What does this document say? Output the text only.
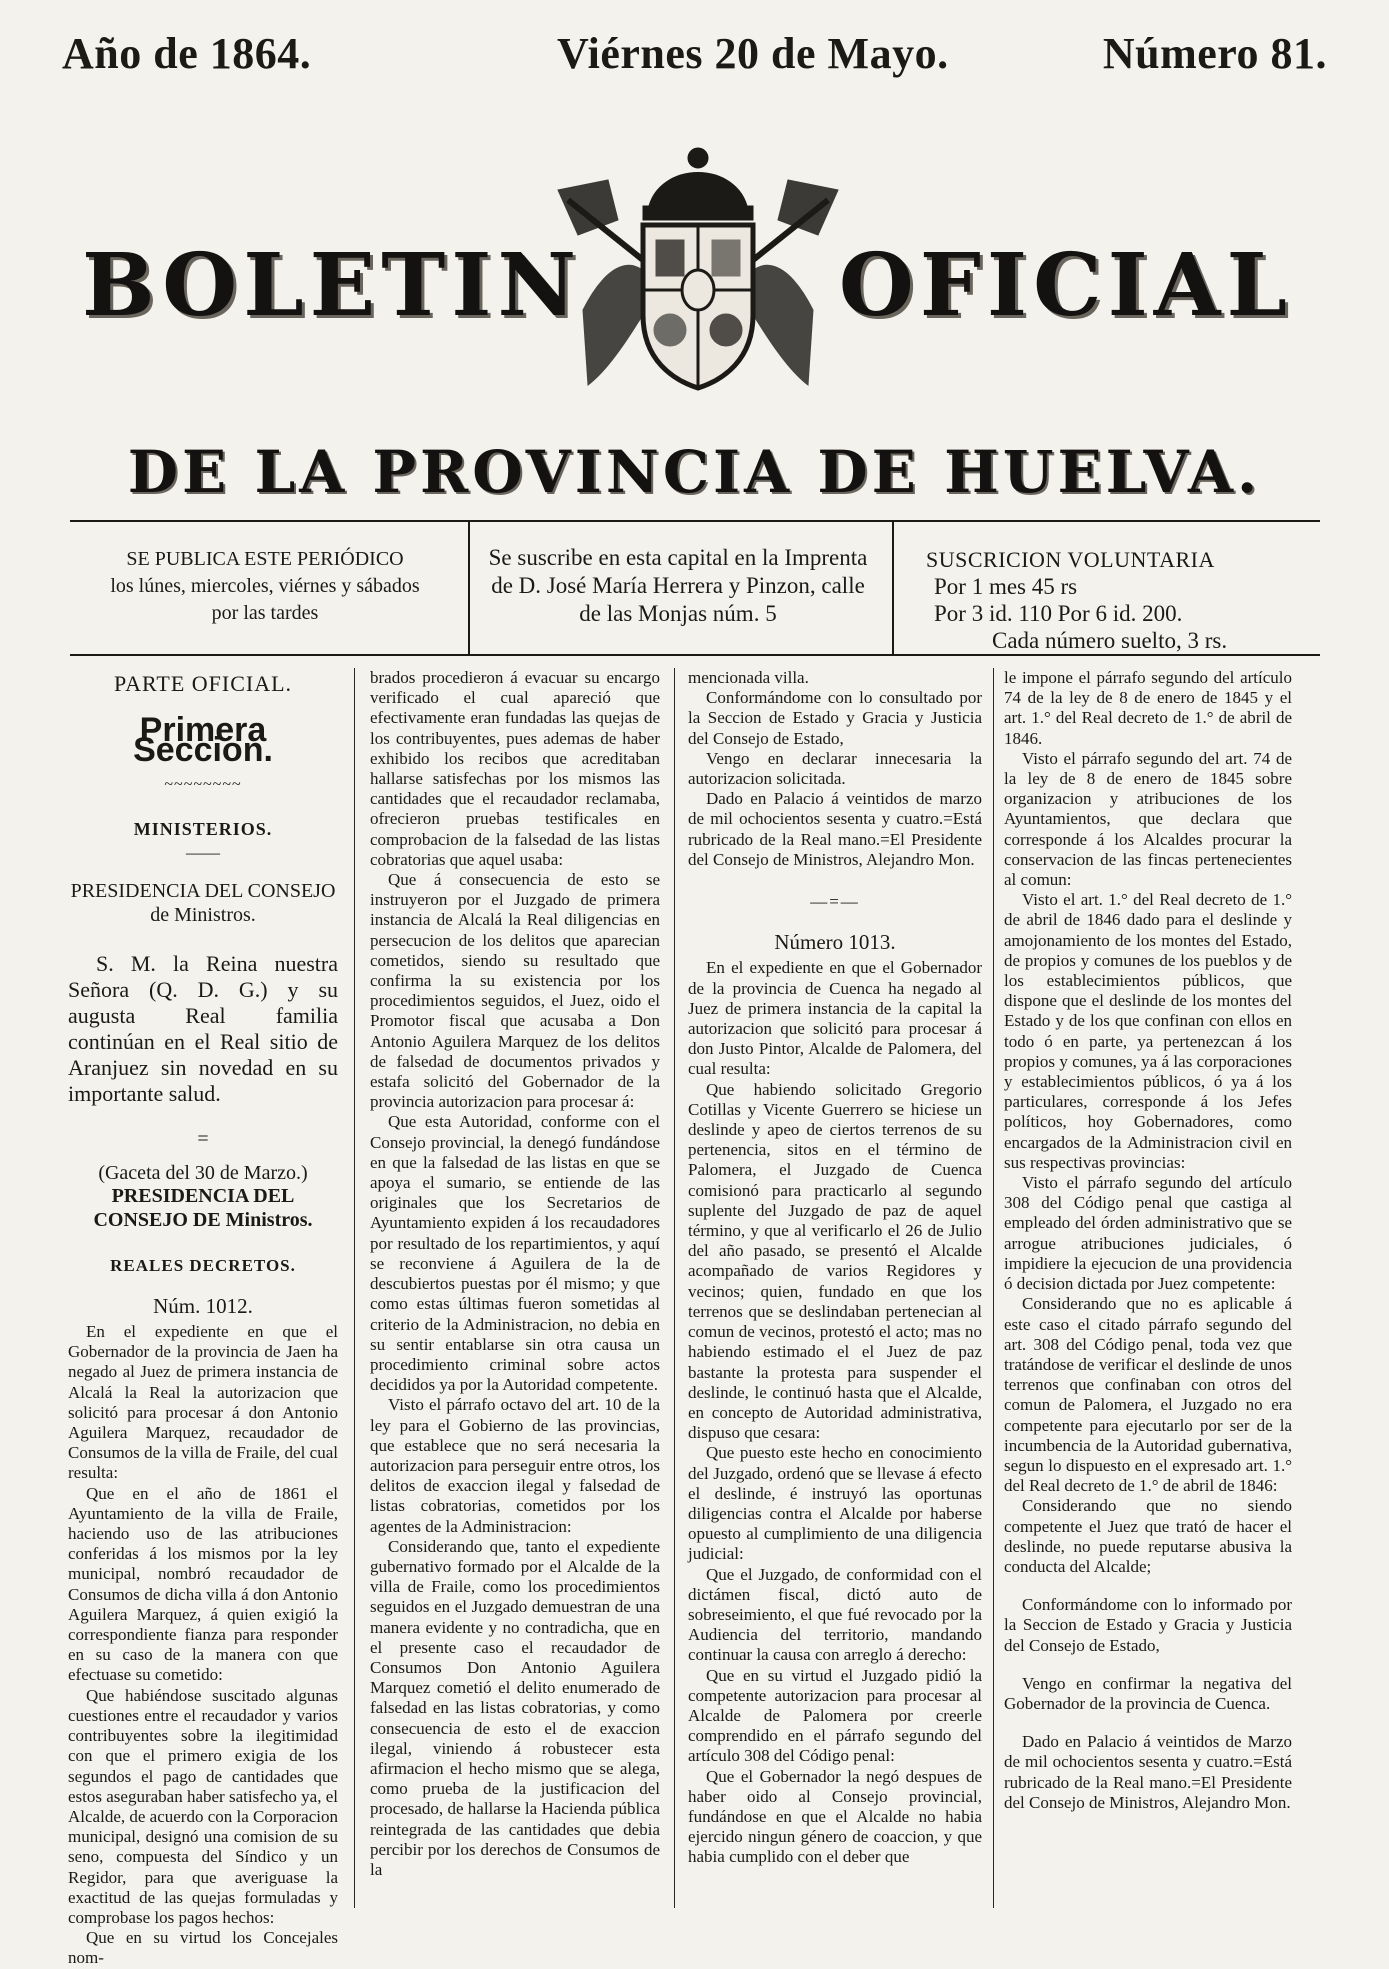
Año de 1864.	Viérnes 20 de Mayo.	Número 81.
BOLETIN	OFICIAL
DE LA PROVINCIA DE HUELVA.
SE PUBLICA ESTE PERIÓDICO
los lúnes, miercoles, viérnes y sábados
por las tardes
Se suscribe en esta capital en la Imprenta
de D. José María Herrera y Pinzon, calle
de las Monjas núm. 5
SUSCRICION VOLUNTARIA
Por 1 mes 45 rs
Por 3 id. 110 Por 6 id. 200.
Cada número suelto, 3 rs.
PARTE OFICIAL.
Primera Seccion.
~~~~~~~~
MINISTERIOS.
——
PRESIDENCIA DEL CONSEJO de Ministros.

S. M. la Reina nuestra Señora (Q. D. G.) y su augusta Real familia continúan en el Real sitio de Aranjuez sin novedad en su importante salud.

=

(Gaceta del 30 de Marzo.)

PRESIDENCIA DEL CONSEJO DE Ministros.
REALES DECRETOS.
Núm. 1012.

En el expediente en que el Gobernador de la provincia de Jaen ha negado al Juez de primera instancia de Alcalá la Real la autorizacion que solicitó para procesar á don Antonio Aguilera Marquez, recaudador de Consumos de la villa de Fraile, del cual resulta:

Que en el año de 1861 el Ayuntamiento de la villa de Fraile, haciendo uso de las atribuciones conferidas á los mismos por la ley municipal, nombró recaudador de Consumos de dicha villa á don Antonio Aguilera Marquez, á quien exigió la correspondiente fianza para responder en su caso de la manera con que efectuase su cometido:

Que habiéndose suscitado algunas cuestiones entre el recaudador y varios contribuyentes sobre la ilegitimidad con que el primero exigia de los segundos el pago de cantidades que estos aseguraban haber satisfecho ya, el Alcalde, de acuerdo con la Corporacion municipal, designó una comision de su seno, compuesta del Síndico y un Regidor, para que averiguase la exactitud de las quejas formuladas y comprobase los pagos hechos:

Que en su virtud los Concejales nom-

brados procedieron á evacuar su encargo verificado el cual apareció que efectivamente eran fundadas las quejas de los contribuyentes, pues ademas de haber exhibido los recibos que acreditaban hallarse satisfechas por los mismos las cantidades que el recaudador reclamaba, ofrecieron pruebas testificales en comprobacion de la falsedad de las listas cobratorias que aquel usaba:

Que á consecuencia de esto se instruyeron por el Juzgado de primera instancia de Alcalá la Real diligencias en persecucion de los delitos que aparecian cometidos, siendo su resultado que confirma la su existencia por los procedimientos seguidos, el Juez, oido el Promotor fiscal que acusaba a Don Antonio Aguilera Marquez de los delitos de falsedad de documentos privados y estafa solicitó del Gobernador de la provincia autorizacion para procesar á:

Que esta Autoridad, conforme con el Consejo provincial, la denegó fundándose en que la falsedad de las listas en que se apoya el sumario, se entiende de las originales que los Secretarios de Ayuntamiento expiden á los recaudadores por resultado de los repartimientos, y aquí se reconviene á Aguilera de la de descubiertos puestas por él mismo; y que como estas últimas fueron sometidas al criterio de la Administracion, no debia en su sentir entablarse sin otra causa un procedimiento criminal sobre actos decididos ya por la Autoridad competente.

Visto el párrafo octavo del art. 10 de la ley para el Gobierno de las provincias, que establece que no será necesaria la autorizacion para perseguir entre otros, los delitos de exaccion ilegal y falsedad de listas cobratorias, cometidos por los agentes de la Administracion:

Considerando que, tanto el expediente gubernativo formado por el Alcalde de la villa de Fraile, como los procedimientos seguidos en el Juzgado demuestran de una manera evidente y no contradicha, que en el presente caso el recaudador de Consumos Don Antonio Aguilera Marquez cometió el delito enumerado de falsedad en las listas cobratorias, y como consecuencia de esto el de exaccion ilegal, viniendo á robustecer esta afirmacion el hecho mismo que se alega, como prueba de la justificacion del procesado, de hallarse la Hacienda pública reintegrada de las cantidades que debia percibir por los derechos de Consumos de la

mencionada villa.

Conformándome con lo consultado por la Seccion de Estado y Gracia y Justicia del Consejo de Estado,

Vengo en declarar innecesaria la autorizacion solicitada.

Dado en Palacio á veintidos de marzo de mil ochocientos sesenta y cuatro.=Está rubricado de la Real mano.=El Presidente del Consejo de Ministros, Alejandro Mon.

—=—
Número 1013.

En el expediente en que el Gobernador de la provincia de Cuenca ha negado al Juez de primera instancia de la capital la autorizacion que solicitó para procesar á don Justo Pintor, Alcalde de Palomera, del cual resulta:

Que habiendo solicitado Gregorio Cotillas y Vicente Guerrero se hiciese un deslinde y apeo de ciertos terrenos de su pertenencia, sitos en el término de Palomera, el Juzgado de Cuenca comisionó para practicarlo al segundo suplente del Juzgado de paz de aquel término, y que al verificarlo el 26 de Julio del año pasado, se presentó el Alcalde acompañado de varios Regidores y vecinos; quien, fundado en que los terrenos que se deslindaban pertenecian al comun de vecinos, protestó el acto; mas no habiendo estimado el el Juez de paz bastante la protesta para suspender el deslinde, le continuó hasta que el Alcalde, en concepto de Autoridad administrativa, dispuso que cesara:

Que puesto este hecho en conocimiento del Juzgado, ordenó que se llevase á efecto el deslinde, é instruyó las oportunas diligencias contra el Alcalde por haberse opuesto al cumplimiento de una diligencia judicial:

Que el Juzgado, de conformidad con el dictámen fiscal, dictó auto de sobreseimiento, el que fué revocado por la Audiencia del territorio, mandando continuar la causa con arreglo á derecho:

Que en su virtud el Juzgado pidió la competente autorizacion para procesar al Alcalde de Palomera por creerle comprendido en el párrafo segundo del artículo 308 del Código penal:

Que el Gobernador la negó despues de haber oido al Consejo provincial, fundándose en que el Alcalde no habia ejercido ningun género de coaccion, y que habia cumplido con el deber que

le impone el párrafo segundo del artículo 74 de la ley de 8 de enero de 1845 y el art. 1.° del Real decreto de 1.° de abril de 1846.

Visto el párrafo segundo del art. 74 de la ley de 8 de enero de 1845 sobre organizacion y atribuciones de los Ayuntamientos, que declara que corresponde á los Alcaldes procurar la conservacion de las fincas pertenecientes al comun:

Visto el art. 1.° del Real decreto de 1.° de abril de 1846 dado para el deslinde y amojonamiento de los montes del Estado, de propios y comunes de los pueblos y de los establecimientos públicos, que dispone que el deslinde de los montes del Estado y de los que confinan con ellos en todo ó en parte, ya pertenezcan á los propios y comunes, ya á las corporaciones y establecimientos públicos, ó ya á los particulares, corresponde á los Jefes políticos, hoy Gobernadores, como encargados de la Administracion civil en sus respectivas provincias:

Visto el párrafo segundo del artículo 308 del Código penal que castiga al empleado del órden administrativo que se arrogue atribuciones judiciales, ó impidiere la ejecucion de una providencia ó decision dictada por Juez competente:

Considerando que no es aplicable á este caso el citado párrafo segundo del art. 308 del Código penal, toda vez que tratándose de verificar el deslinde de unos terrenos que confinaban con otros del comun de Palomera, el Juzgado no era competente para ejecutarlo por ser de la incumbencia de la Autoridad gubernativa, segun lo dispuesto en el expresado art. 1.° del Real decreto de 1.° de abril de 1846:

Considerando que no siendo competente el Juez que trató de hacer el deslinde, no puede reputarse abusiva la conducta del Alcalde;

Conformándome con lo informado por la Seccion de Estado y Gracia y Justicia del Consejo de Estado,

Vengo en confirmar la negativa del Gobernador de la provincia de Cuenca.

Dado en Palacio á veintidos de Marzo de mil ochocientos sesenta y cuatro.=Está rubricado de la Real mano.=El Presidente del Consejo de Ministros, Alejandro Mon.
